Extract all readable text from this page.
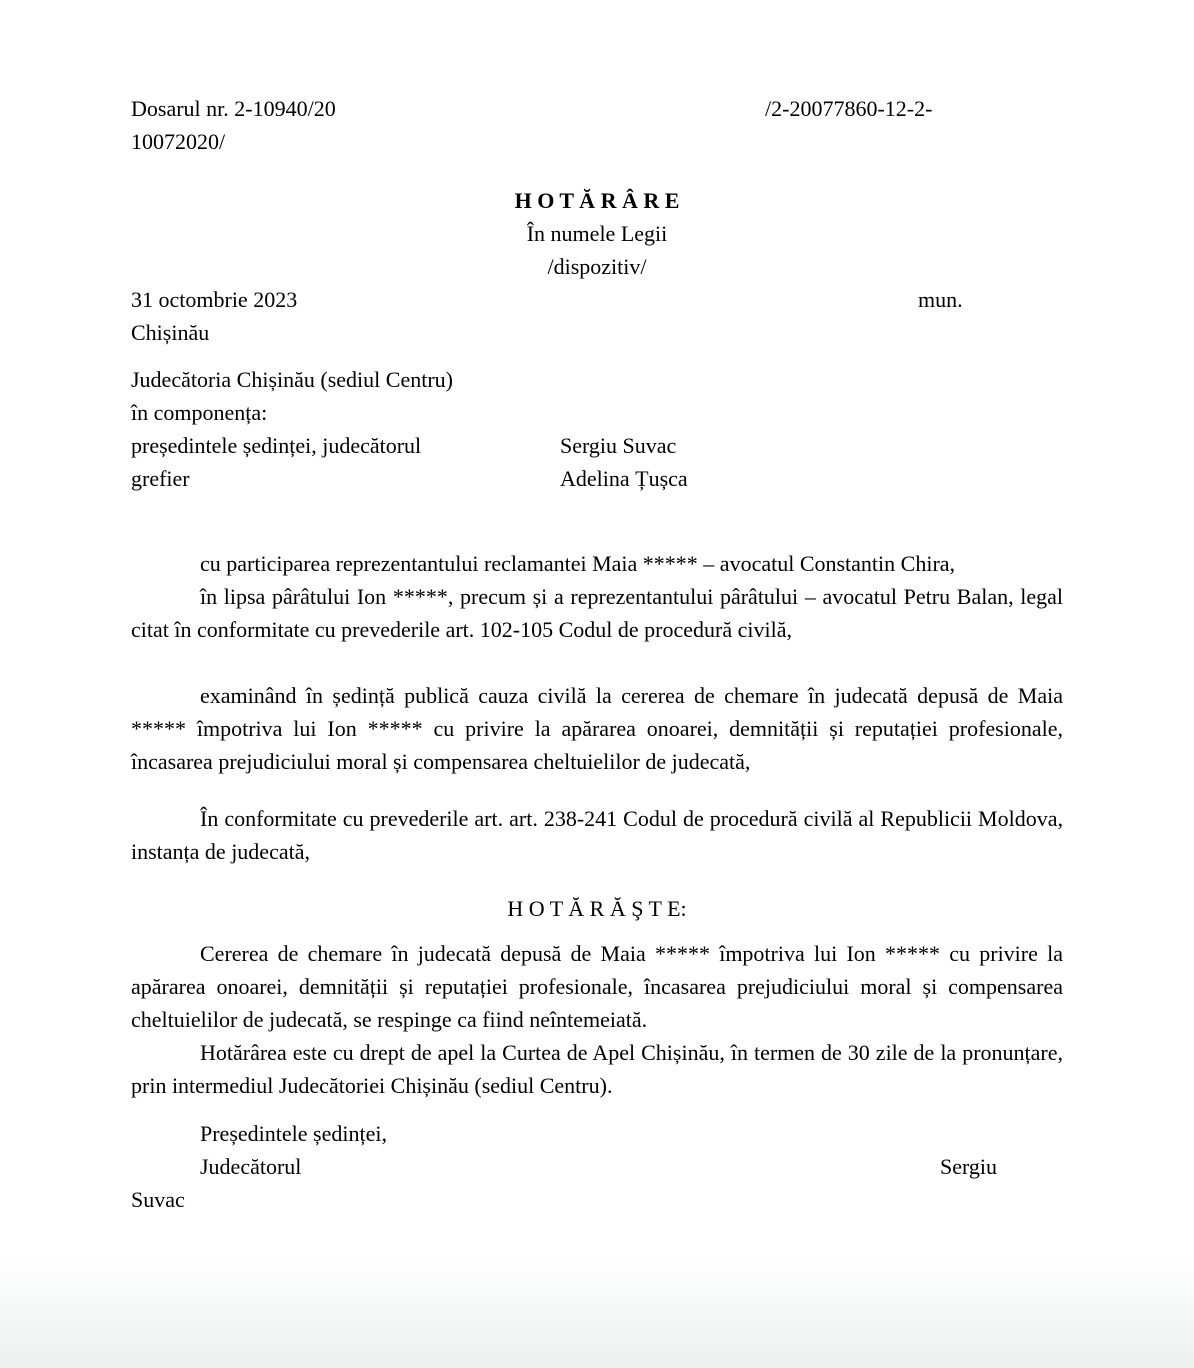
Dosarul nr. 2-10940/20	/2-20077860-12-2-
10072020/
H O T Ă R Â R E
În numele Legii
/dispozitiv/
31 octombrie 2023	mun.
Chișinău
Judecătoria Chișinău (sediul Centru)
în componența:
președintele ședinței, judecătorul	Sergiu Suvac
grefier	Adelina Țușca
cu participarea reprezentantului reclamantei Maia ***** – avocatul Constantin Chira,
în lipsa pârâtului Ion *****, precum și a reprezentantului pârâtului – avocatul Petru Balan, legal citat în conformitate cu prevederile art. 102-105 Codul de procedură civilă,
examinând în ședință publică cauza civilă la cererea de chemare în judecată depusă de Maia ***** împotriva lui Ion ***** cu privire la apărarea onoarei, demnității și reputației profesionale, încasarea prejudiciului moral și compensarea cheltuielilor de judecată,
În conformitate cu prevederile art. art. 238-241 Codul de procedură civilă al Republicii Moldova, instanța de judecată,
H O T Ă R Ă Ş T E:
Cererea de chemare în judecată depusă de Maia ***** împotriva lui Ion ***** cu privire la apărarea onoarei, demnității și reputației profesionale, încasarea prejudiciului moral și compensarea cheltuielilor de judecată, se respinge ca fiind neîntemeiată.
Hotărârea este cu drept de apel la Curtea de Apel Chișinău, în termen de 30 zile de la pronunțare, prin intermediul Judecătoriei Chișinău (sediul Centru).
Președintele ședinței,
Judecătorul	Sergiu
Suvac
